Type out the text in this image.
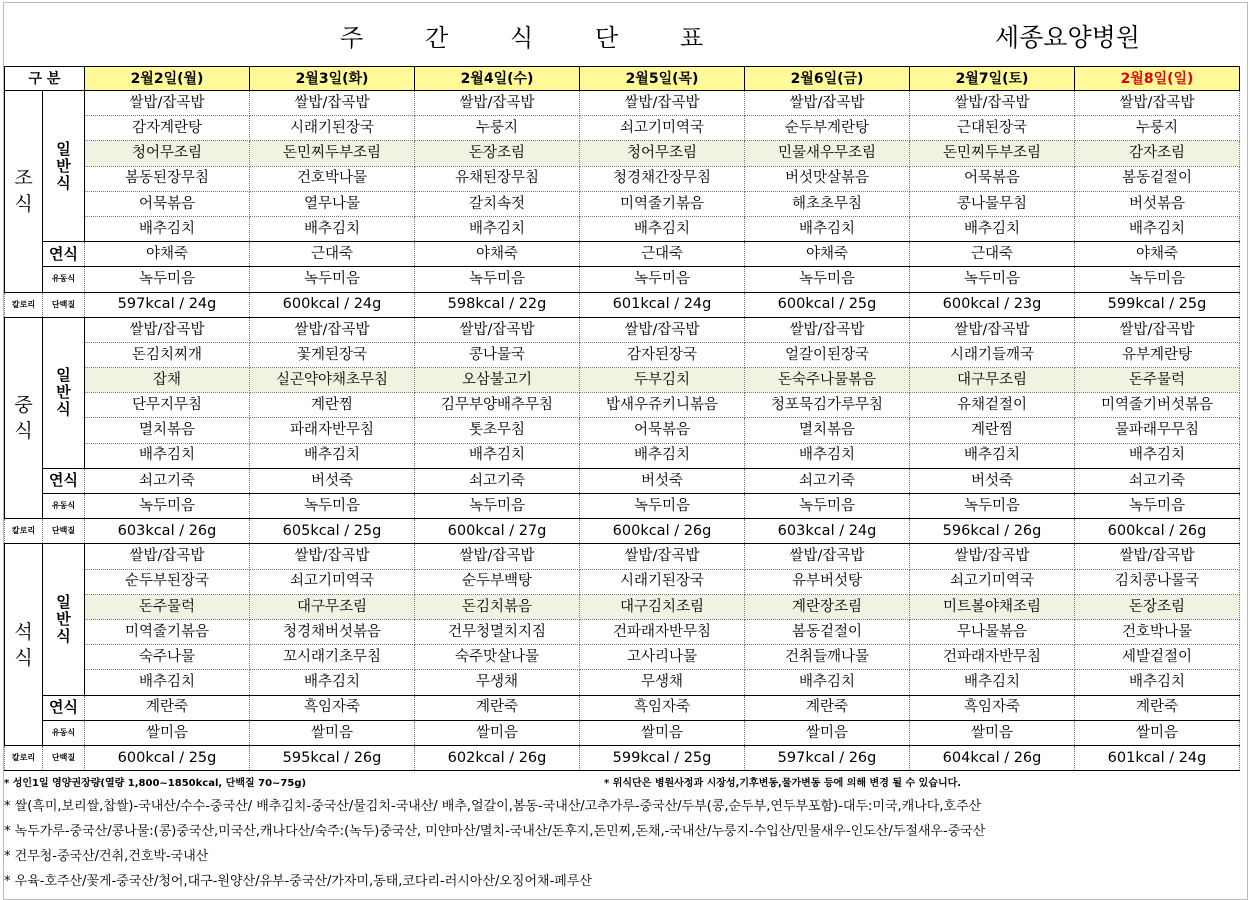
주	간	식	단	표	세종요양병원
구 분		2월2일(월)	2월3일(화)	2월4일(수)	2월5일(목)	2월6일(금)	2월7일(토)	2월8일(일)

조
식	일
반
식	쌀밥/잡곡밥	쌀밥/잡곡밥	쌀밥/잡곡밥	쌀밥/잡곡밥	쌀밥/잡곡밥	쌀밥/잡곡밥	쌀밥/잡곡밥
		감자계란탕	시래기된장국	누룽지	쇠고기미역국	순두부계란탕	근대된장국	누룽지
		청어무조림	돈민찌두부조림	돈장조림	청어무조림	민물새우무조림	돈민찌두부조림	감자조림
		봄동된장무침	건호박나물	유채된장무침	청경채간장무침	버섯맛살볶음	어묵볶음	봄동겉절이
		어묵볶음	열무나물	갈치속젓	미역줄기볶음	해초초무침	콩나물무침	버섯볶음
		배추김치	배추김치	배추김치	배추김치	배추김치	배추김치	배추김치
	연식	야채죽	근대죽	야채죽	근대죽	야채죽	근대죽	야채죽
	유동식	녹두미음	녹두미음	녹두미음	녹두미음	녹두미음	녹두미음	녹두미음
칼로리	단백질	597kcal / 24g	600kcal / 24g	598kcal / 22g	601kcal / 24g	600kcal / 25g	600kcal / 23g	599kcal / 25g

중
식	일
반
식	쌀밥/잡곡밥	쌀밥/잡곡밥	쌀밥/잡곡밥	쌀밥/잡곡밥	쌀밥/잡곡밥	쌀밥/잡곡밥	쌀밥/잡곡밥
		돈김치찌개	꽃게된장국	콩나물국	감자된장국	얼갈이된장국	시래기들깨국	유부계란탕
		잡채	실곤약야채초무침	오삼불고기	두부김치	돈숙주나물볶음	대구무조림	돈주물럭
		단무지무침	계란찜	김무부양배추무침	밥새우쥬키니볶음	청포묵김가루무침	유채겉절이	미역줄기버섯볶음
		멸치볶음	파래자반무침	톳초무침	어묵볶음	멸치볶음	계란찜	물파래무무침
		배추김치	배추김치	배추김치	배추김치	배추김치	배추김치	배추김치
	연식	쇠고기죽	버섯죽	쇠고기죽	버섯죽	쇠고기죽	버섯죽	쇠고기죽
	유동식	녹두미음	녹두미음	녹두미음	녹두미음	녹두미음	녹두미음	녹두미음
칼로리	단백질	603kcal / 26g	605kcal / 25g	600kcal / 27g	600kcal / 26g	603kcal / 24g	596kcal / 26g	600kcal / 26g

석
식	일
반
식	쌀밥/잡곡밥	쌀밥/잡곡밥	쌀밥/잡곡밥	쌀밥/잡곡밥	쌀밥/잡곡밥	쌀밥/잡곡밥	쌀밥/잡곡밥
		순두부된장국	쇠고기미역국	순두부백탕	시래기된장국	유부버섯탕	쇠고기미역국	김치콩나물국
		돈주물럭	대구무조림	돈김치볶음	대구김치조림	계란장조림	미트볼야채조림	돈장조림
		미역줄기볶음	청경채버섯볶음	건무청멸치지짐	건파래자반무침	봄동겉절이	무나물볶음	건호박나물
		숙주나물	꼬시래기초무침	숙주맛살나물	고사리나물	건취들깨나물	건파래자반무침	세발겉절이
		배추김치	배추김치	무생채	무생채	배추김치	배추김치	배추김치
	연식	계란죽	흑임자죽	계란죽	흑임자죽	계란죽	흑임자죽	계란죽
	유동식	쌀미음	쌀미음	쌀미음	쌀미음	쌀미음	쌀미음	쌀미음
칼로리	단백질	600kcal / 25g	595kcal / 26g	602kcal / 26g	599kcal / 25g	597kcal / 26g	604kcal / 26g	601kcal / 24g
* 성인1일 영양권장량(열량 1,800~1850kcal, 단백질 70~75g)	* 위식단은 병원사정과 시장성,기후변동,물가변동 등에 의해 변경 될 수 있습니다.
* 쌀(흑미,보리쌀,찹쌀)-국내산/수수-중국산/ 배추김치-중국산/물김치-국내산/ 배추,얼갈이,봄동-국내산/고추가루-중국산/두부(콩,순두부,연두부포함)-대두:미국,캐나다,호주산
* 녹두가루-중국산/콩나물:(콩)중국산,미국산,캐나다산/숙주:(녹두)중국산, 미얀마산/멸치-국내산/돈후지,돈민찌,돈채,-국내산/누룽지-수입산/민물새우-인도산/두절새우-중국산
* 건무청-중국산/건취,건호박-국내산
* 우육-호주산/꽃게-중국산/청어,대구-원양산/유부-중국산/가자미,동태,코다리-러시아산/오징어채-페루산
